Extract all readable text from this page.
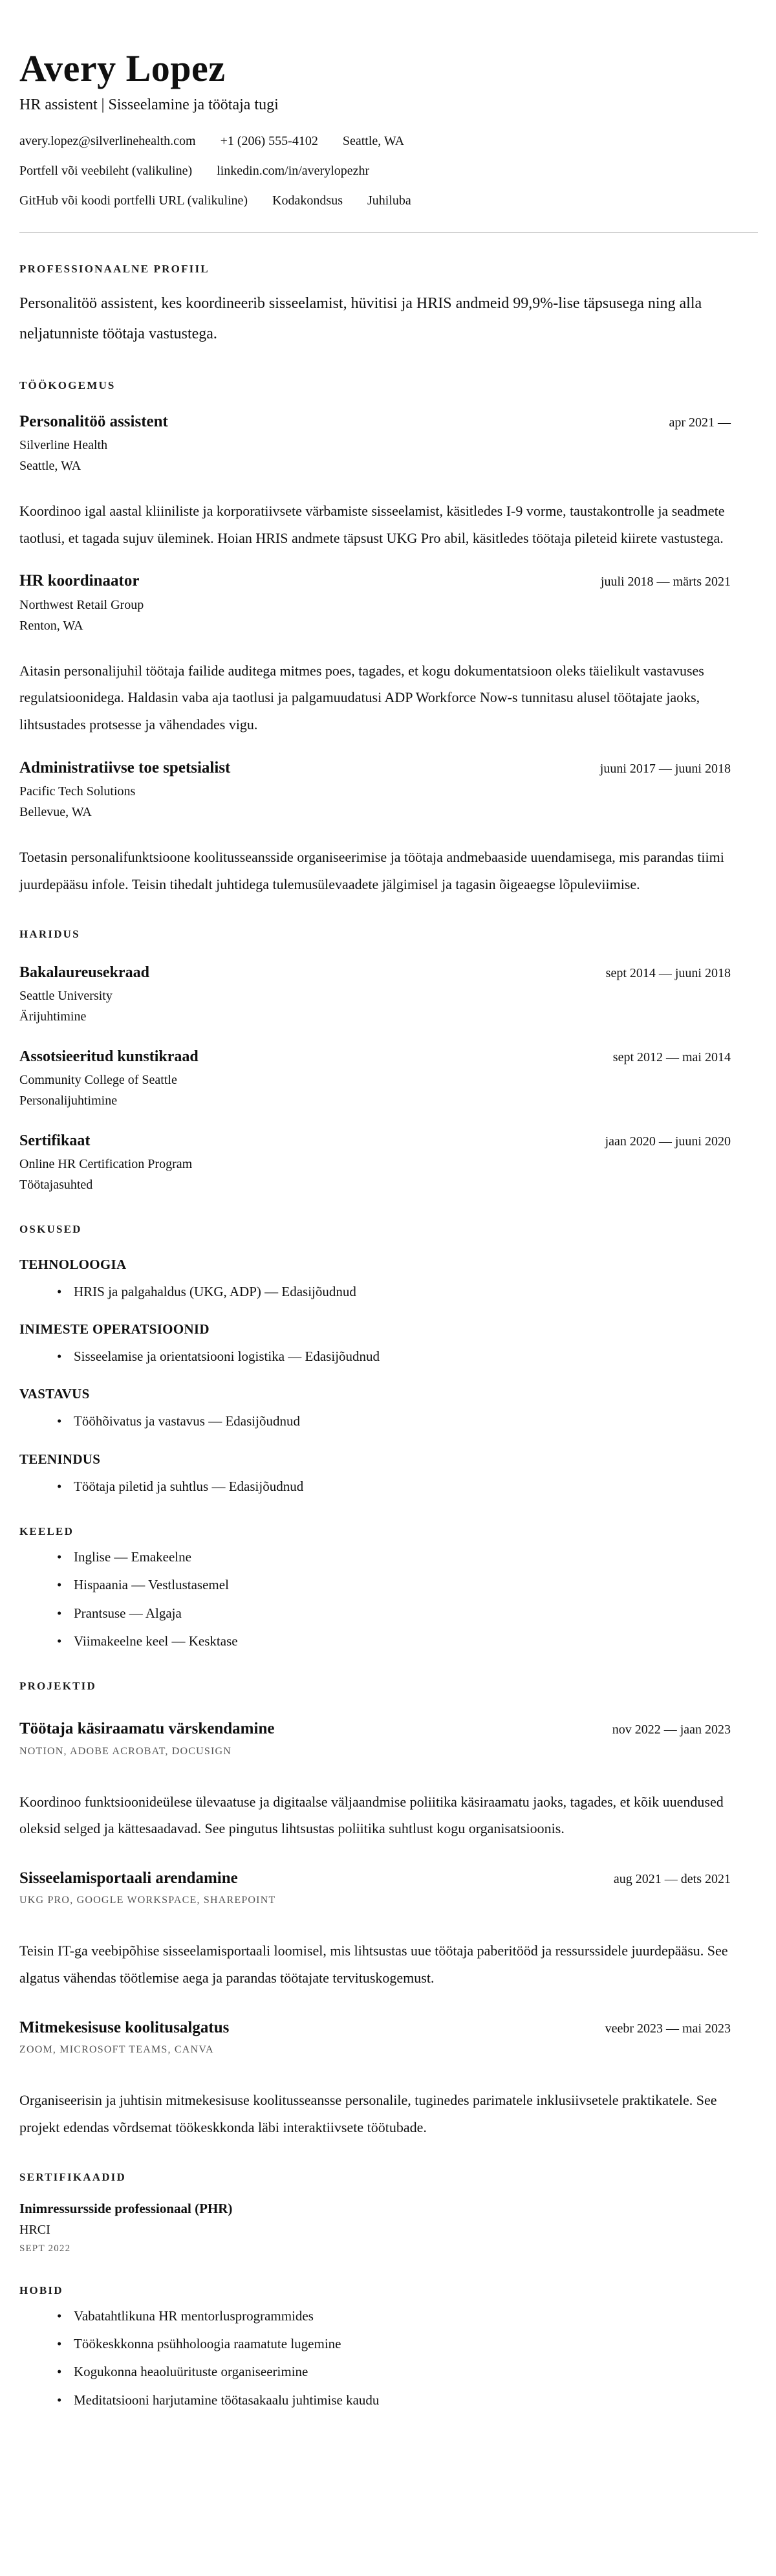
Avery Lopez
HR assistent | Sisseelamine ja töötaja tugi
avery.lopez@silverlinehealth.com +1 (206) 555-4102 Seattle, WA
Portfell või veebileht (valikuline) linkedin.com/in/averylopezhr
GitHub või koodi portfelli URL (valikuline) Kodakondsus Juhiluba
PROFESSIONAALNE PROFIIL

Personalitöö assistent, kes koordineerib sisseelamist, hüvitisi ja HRIS andmeid 99,9%-lise täpsusega ning alla neljatunniste töötaja vastustega.

TÖÖKOGEMUS
Personalitöö assistent	apr 2021 —
Silverline Health
Seattle, WA

Koordinoo igal aastal kliiniliste ja korporatiivsete värbamiste sisseelamist, käsitledes I-9 vorme, taustakontrolle ja seadmete taotlusi, et tagada sujuv üleminek. Hoian HRIS andmete täpsust UKG Pro abil, käsitledes töötaja pileteid kiirete vastustega.

HR koordinaator	juuli 2018 — märts 2021
Northwest Retail Group
Renton, WA

Aitasin personalijuhil töötaja failide auditega mitmes poes, tagades, et kogu dokumentatsioon oleks täielikult vastavuses regulatsioonidega. Haldasin vaba aja taotlusi ja palgamuudatusi ADP Workforce Now-s tunnitasu alusel töötajate jaoks, lihtsustades protsesse ja vähendades vigu.

Administratiivse toe spetsialist	juuni 2017 — juuni 2018
Pacific Tech Solutions
Bellevue, WA

Toetasin personalifunktsioone koolitusseansside organiseerimise ja töötaja andmebaaside uuendamisega, mis parandas tiimi juurdepääsu infole. Teisin tihedalt juhtidega tulemusülevaadete jälgimisel ja tagasin õigeaegse lõpuleviimise.

HARIDUS
Bakalaureusekraad	sept 2014 — juuni 2018
Seattle University
Ärijuhtimine
Assotsieeritud kunstikraad	sept 2012 — mai 2014
Community College of Seattle
Personalijuhtimine
Sertifikaat	jaan 2020 — juuni 2020
Online HR Certification Program
Töötajasuhted
OSKUSED
TEHNOLOOGIA
• HRIS ja palgahaldus (UKG, ADP) — Edasijõudnud
INIMESTE OPERATSIOONID
• Sisseelamise ja orientatsiooni logistika — Edasijõudnud
VASTAVUS
• Tööhõivatus ja vastavus — Edasijõudnud
TEENINDUS
• Töötaja piletid ja suhtlus — Edasijõudnud
KEELED
• Inglise — Emakeelne
• Hispaania — Vestlustasemel
• Prantsuse — Algaja
• Viimakeelne keel — Kesktase
PROJEKTID
Töötaja käsiraamatu värskendamine	nov 2022 — jaan 2023
NOTION, ADOBE ACROBAT, DOCUSIGN

Koordinoo funktsioonideülese ülevaatuse ja digitaalse väljaandmise poliitika käsiraamatu jaoks, tagades, et kõik uuendused oleksid selged ja kättesaadavad. See pingutus lihtsustas poliitika suhtlust kogu organisatsioonis.

Sisseelamisportaali arendamine	aug 2021 — dets 2021
UKG PRO, GOOGLE WORKSPACE, SHAREPOINT

Teisin IT-ga veebipõhise sisseelamisportaali loomisel, mis lihtsustas uue töötaja paberitööd ja ressurssidele juurdepääsu. See algatus vähendas töötlemise aega ja parandas töötajate tervituskogemust.

Mitmekesisuse koolitusalgatus	veebr 2023 — mai 2023
ZOOM, MICROSOFT TEAMS, CANVA

Organiseerisin ja juhtisin mitmekesisuse koolitusseansse personalile, tuginedes parimatele inklusiivsetele praktikatele. See projekt edendas võrdsemat töökeskkonda läbi interaktiivsete töötubade.

SERTIFIKAADID
Inimressursside professionaal (PHR)
HRCI
SEPT 2022
HOBID
• Vabatahtlikuna HR mentorlusprogrammides
• Töökeskkonna psühholoogia raamatute lugemine
• Kogukonna heaoluürituste organiseerimine
• Meditatsiooni harjutamine töötasakaalu juhtimise kaudu
